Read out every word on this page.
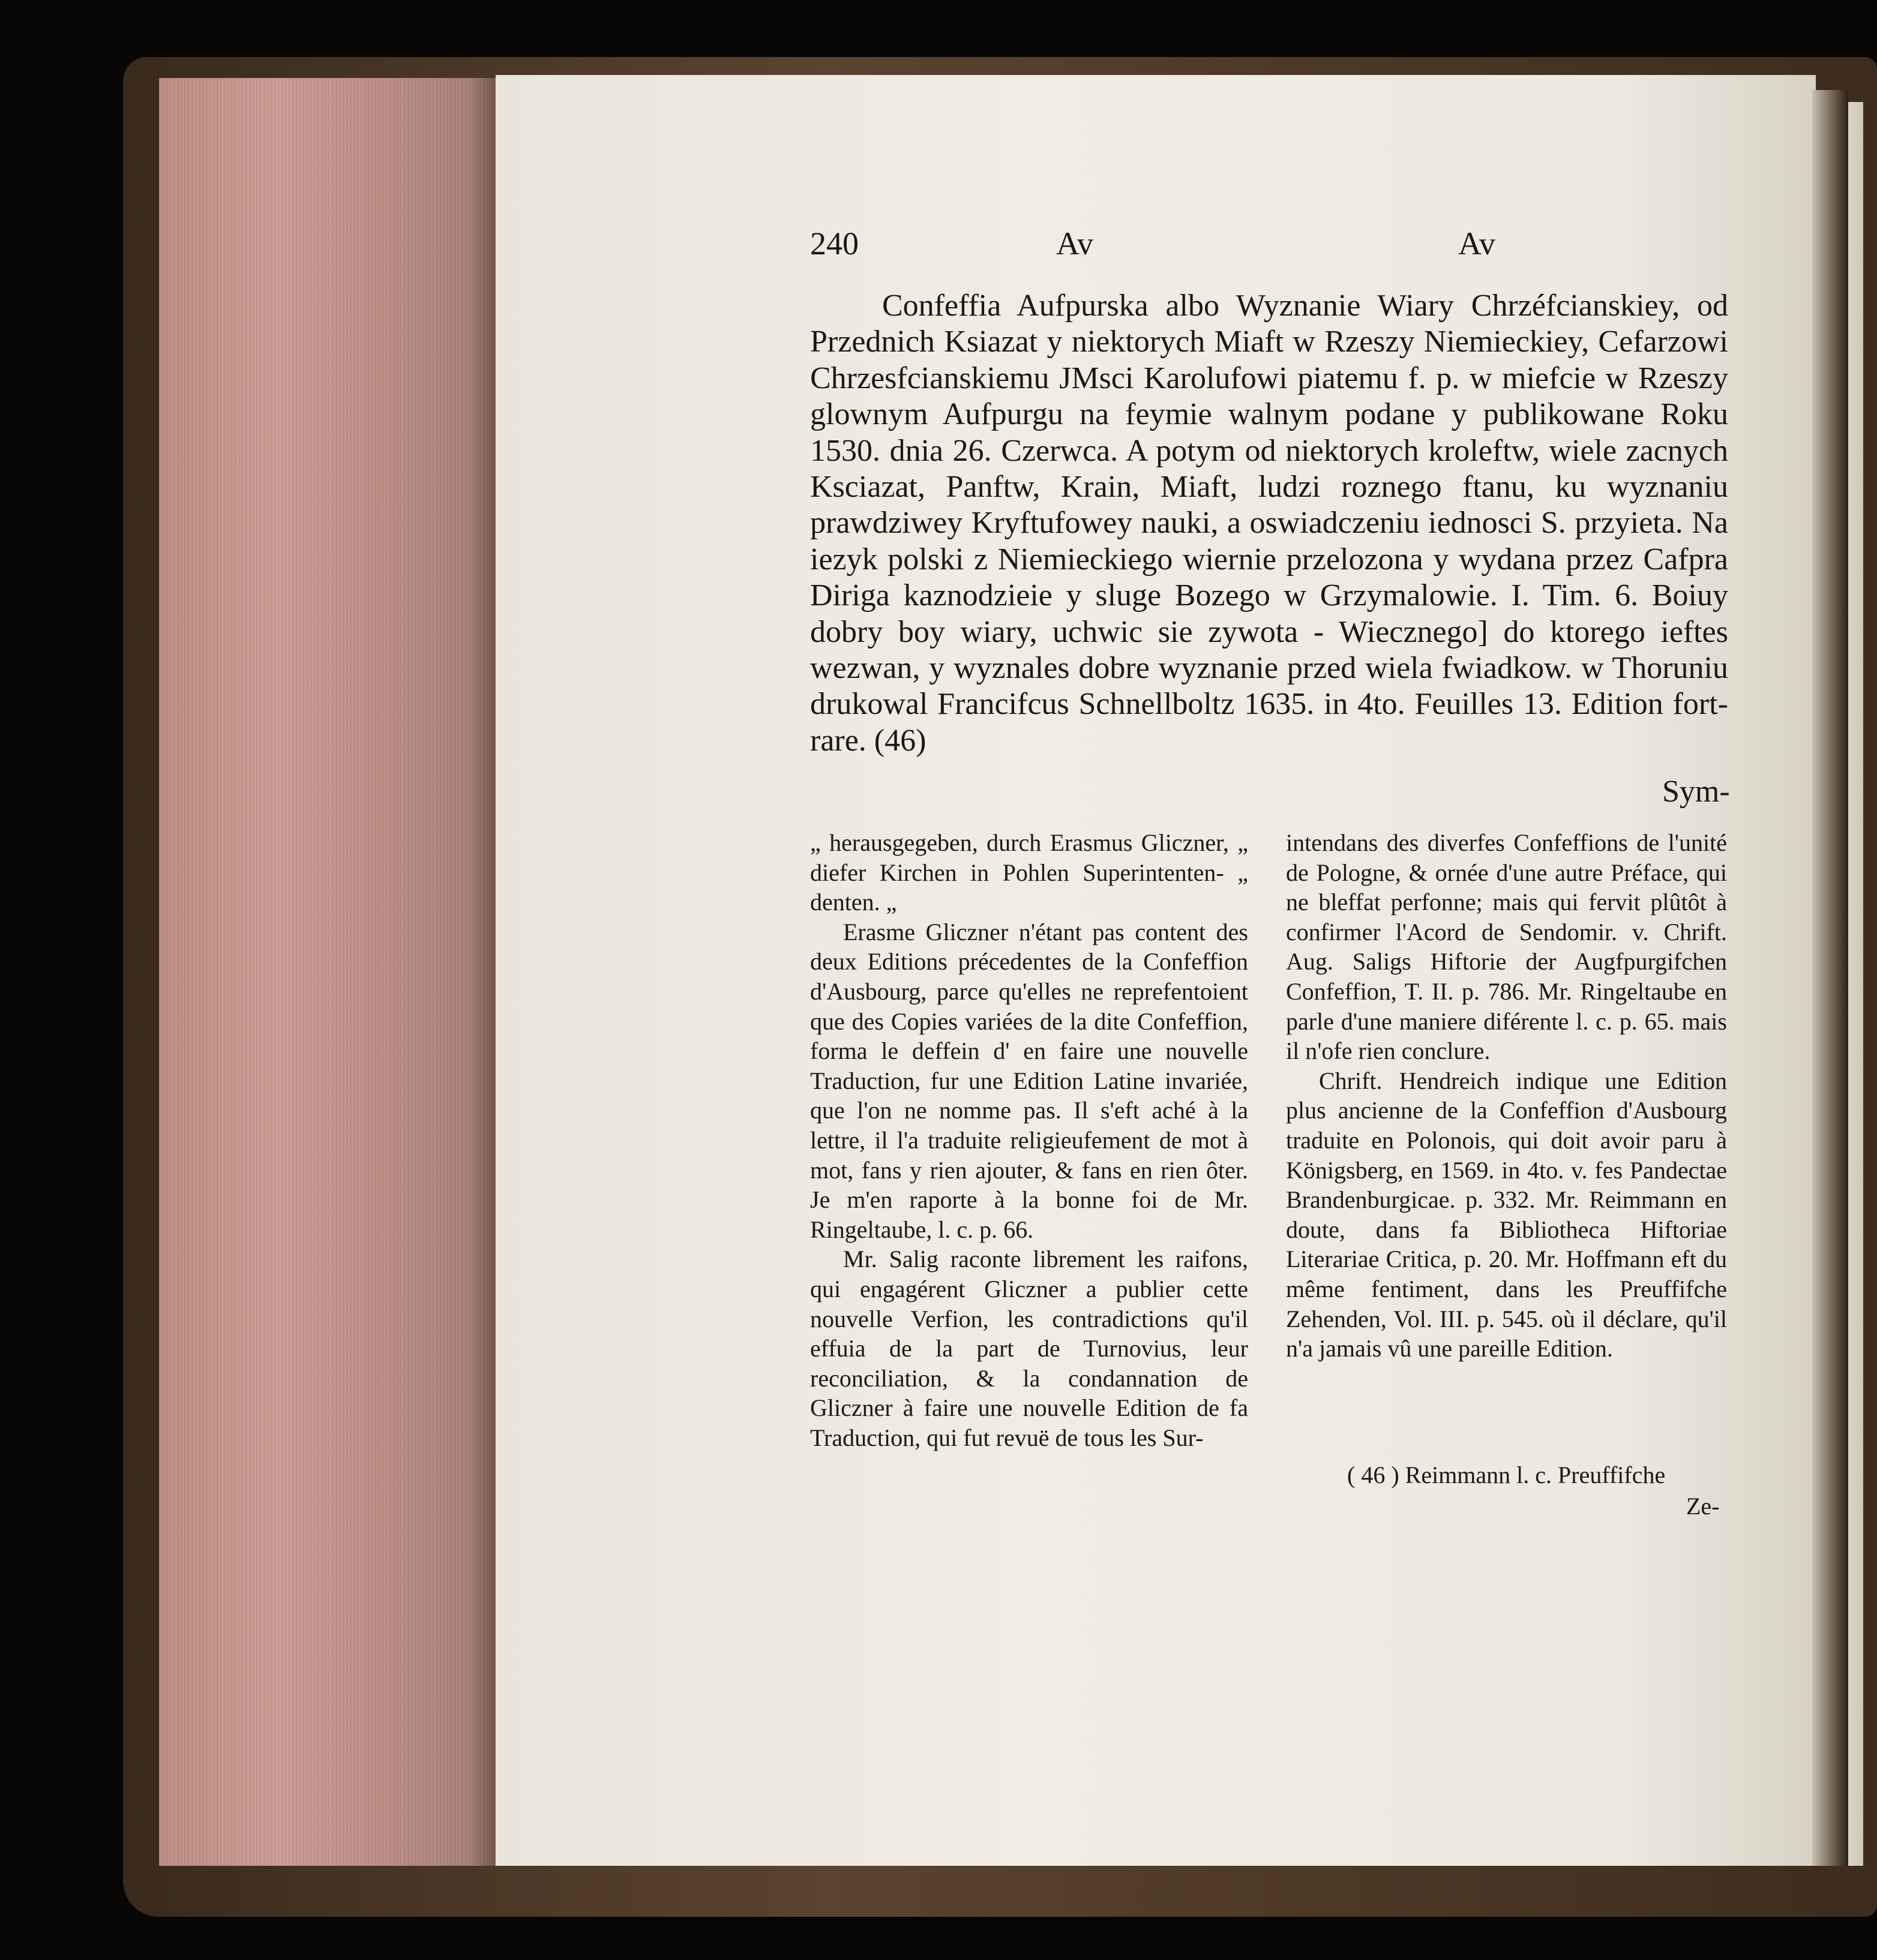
240	Av	Av
Confeffia Aufpurska albo Wyznanie Wiary Chrzéfcianskiey, od Przednich Ksiazat y niektorych Miaft w Rzeszy Niemieckiey, Cefarzowi Chrzesfcianskiemu JMsci Karolufowi piatemu f. p. w miefcie w Rzeszy glownym Aufpurgu na feymie walnym podane y publikowane Roku 1530. dnia 26. Czerwca. A potym od niektorych kroleftw, wiele zacnych Ksciazat, Panftw, Krain, Miaft, ludzi roznego ftanu, ku wyznaniu prawdziwey Kryftufowey nauki, a oswiadczeniu iednosci S. przyieta. Na iezyk polski z Niemieckiego wiernie przelozona y wydana przez Cafpra Diriga kaznodzieie y sluge Bozego w Grzymalowie. I. Tim. 6. Boiuy dobry boy wiary, uchwic sie zywota - Wiecznego] do ktorego ieftes wezwan, y wyznales dobre wyznanie przed wiela fwiadkow. w Thoruniu drukowal Francifcus Schnellboltz 1635. in 4to. Feuilles 13. Edition fort-rare. (46)
Sym-

„ herausgegeben, durch Erasmus Gliczner, „ diefer Kirchen in Pohlen Superintenten- „ denten. „

Erasme Gliczner n'étant pas content des deux Editions précedentes de la Confeffion d'Ausbourg, parce qu'elles ne reprefentoient que des Copies variées de la dite Confeffion, forma le deffein d' en faire une nouvelle Traduction, fur une Edition Latine invariée, que l'on ne nomme pas. Il s'eft aché à la lettre, il l'a traduite religieufement de mot à mot, fans y rien ajouter, & fans en rien ôter. Je m'en raporte à la bonne foi de Mr. Ringeltaube, l. c. p. 66.

Mr. Salig raconte librement les raifons, qui engagérent Gliczner a publier cette nouvelle Verfion, les contradictions qu'il effuia de la part de Turnovius, leur reconciliation, & la condannation de Gliczner à faire une nouvelle Edition de fa Traduction, qui fut revuë de tous les Sur-

intendans des diverfes Confeffions de l'unité de Pologne, & ornée d'une autre Préface, qui ne bleffat perfonne; mais qui fervit plûtôt à confirmer l'Acord de Sendomir. v. Chrift. Aug. Saligs Hiftorie der Augfpurgifchen Confeffion, T. II. p. 786. Mr. Ringeltaube en parle d'une maniere diférente l. c. p. 65. mais il n'ofe rien conclure.

Chrift. Hendreich indique une Edition plus ancienne de la Confeffion d'Ausbourg traduite en Polonois, qui doit avoir paru à Königsberg, en 1569. in 4to. v. fes Pandectae Brandenburgicae. p. 332. Mr. Reimmann en doute, dans fa Bibliotheca Hiftoriae Literariae Critica, p. 20. Mr. Hoffmann eft du même fentiment, dans les Preuffifche Zehenden, Vol. III. p. 545. où il déclare, qu'il n'a jamais vû une pareille Edition.

( 46 ) Reimmann l. c. Preuffifche
Ze-
